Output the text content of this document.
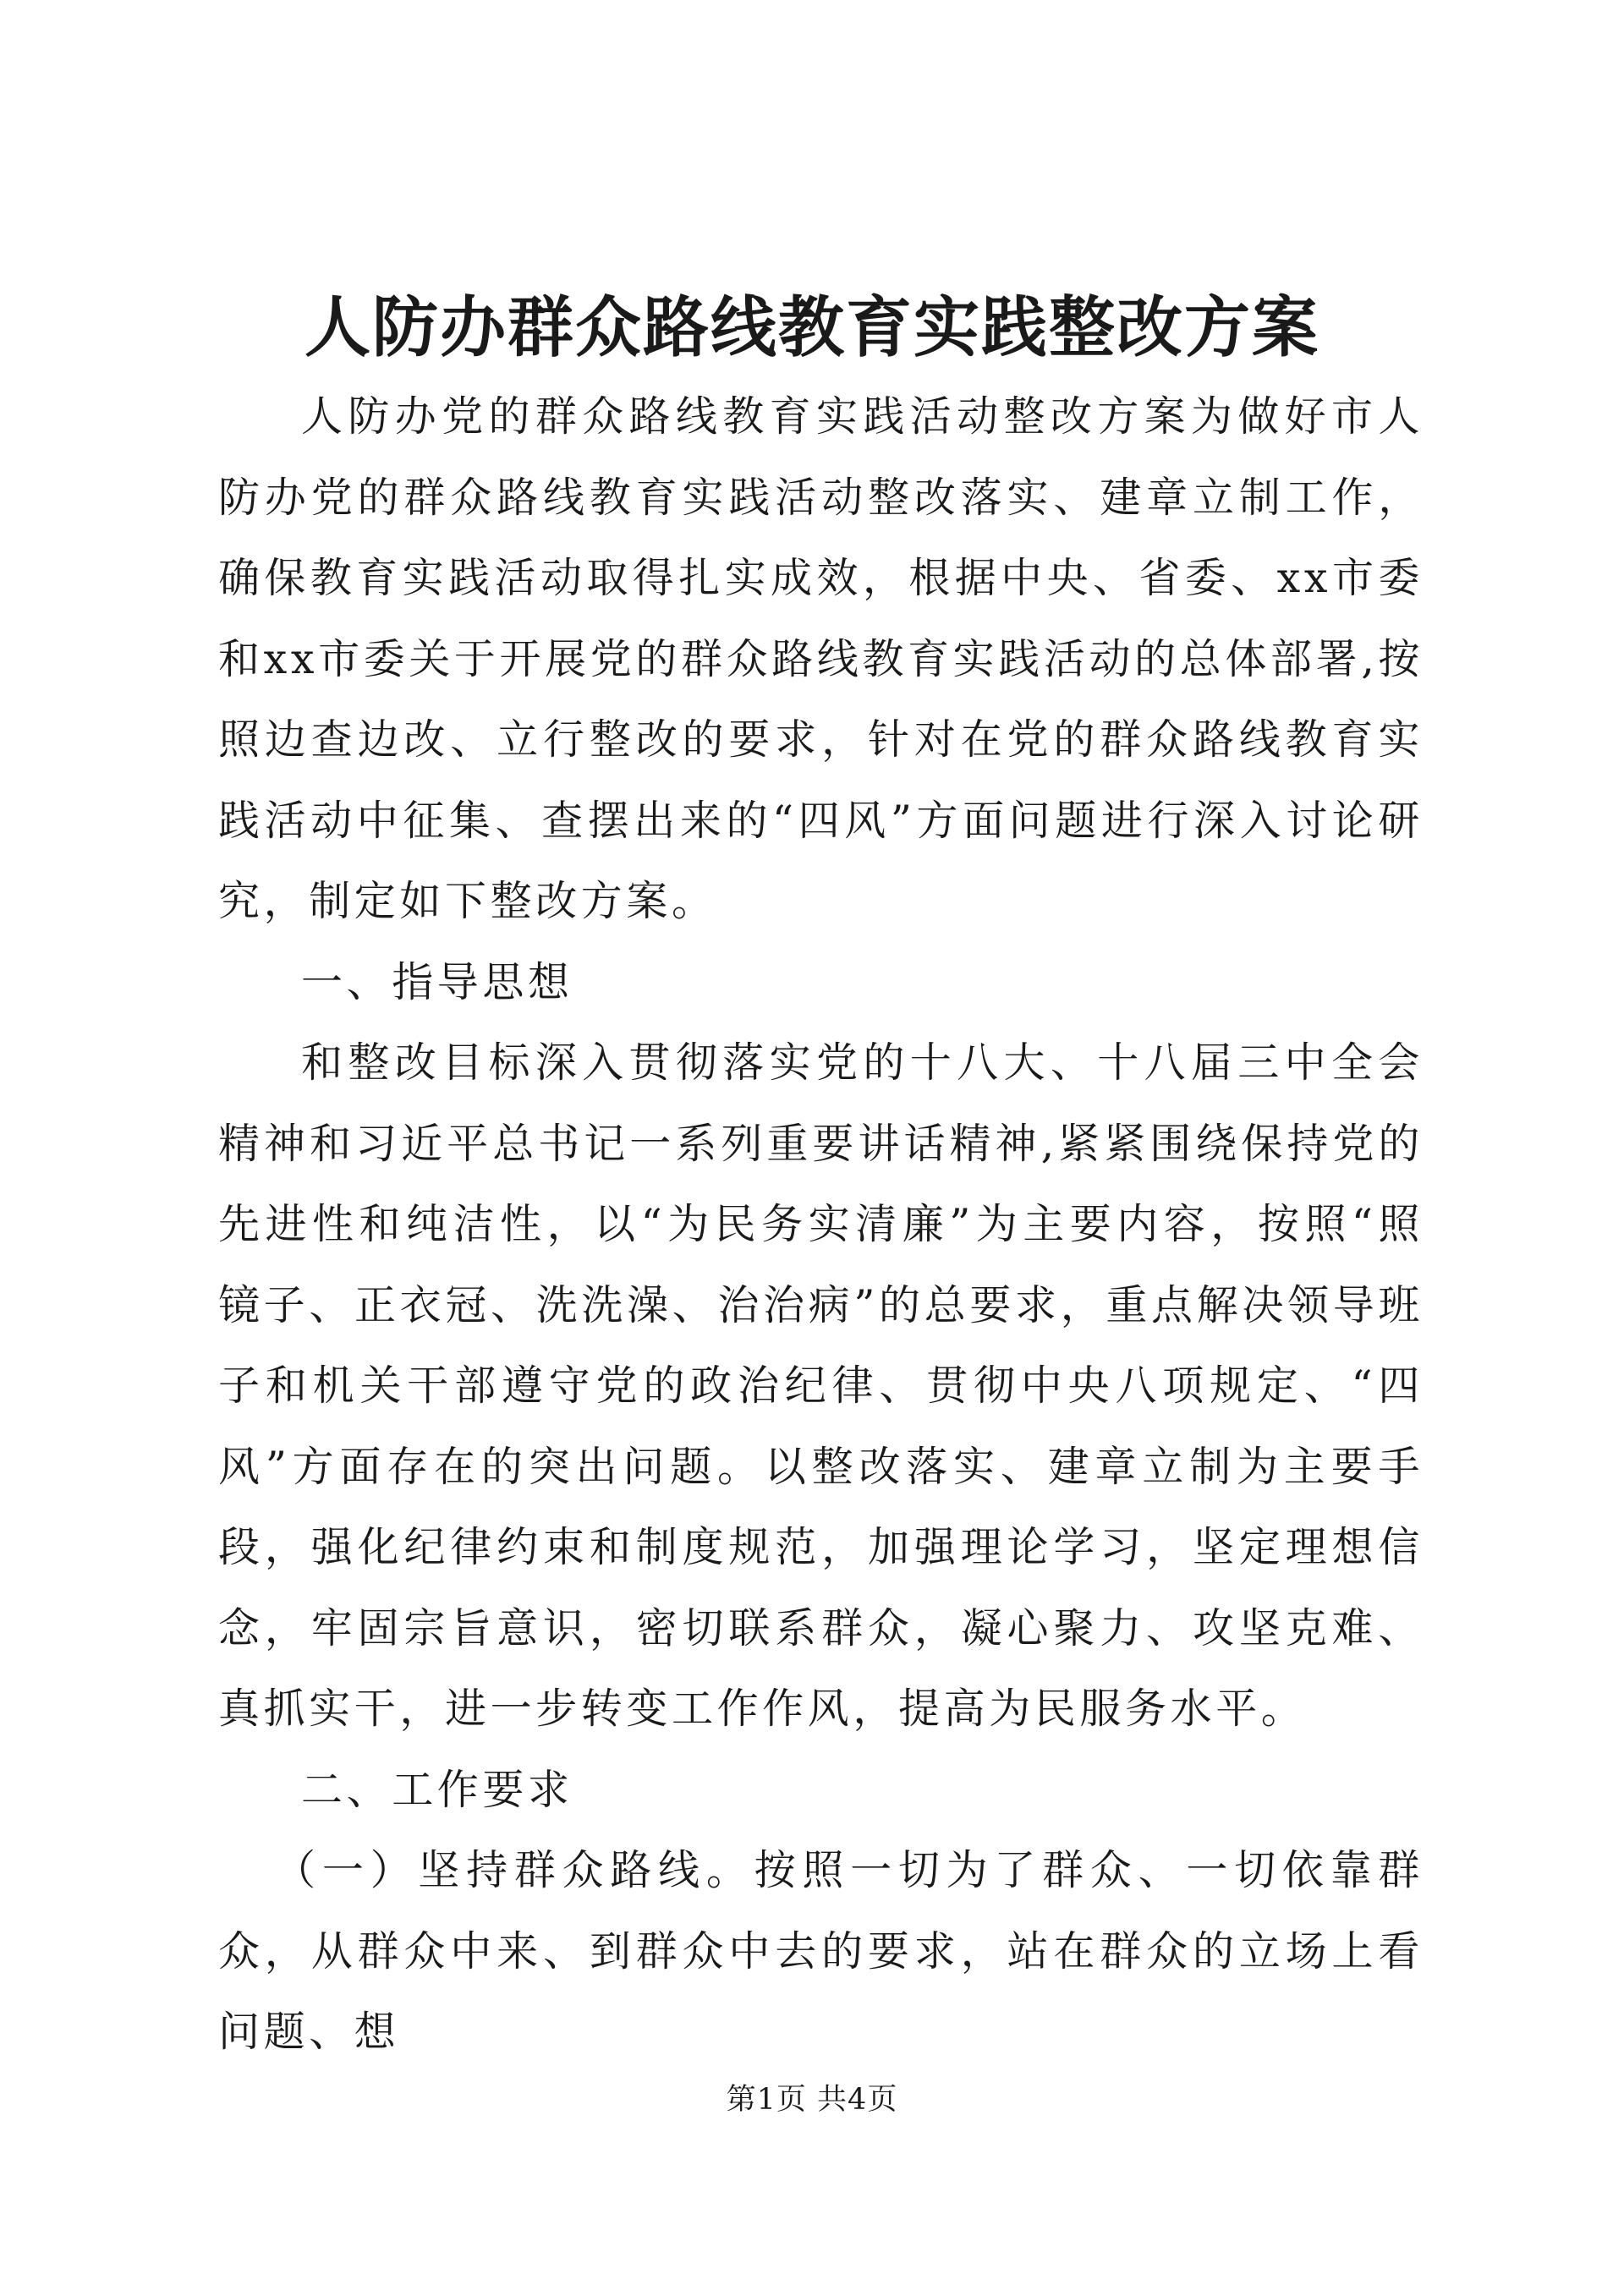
人防办群众路线教育实践整改方案

人防办党的群众路线教育实践活动整改方案为做好市人防办党的群众路线教育实践活动整改落实、建章立制工作，确保教育实践活动取得扎实成效，根据中央、省委、xx市委和xx市委关于开展党的群众路线教育实践活动的总体部署,按照边查边改、立行整改的要求，针对在党的群众路线教育实践活动中征集、查摆出来的“四风”方面问题进行深入讨论研究，制定如下整改方案。

一、指导思想

和整改目标深入贯彻落实党的十八大、十八届三中全会精神和习近平总书记一系列重要讲话精神,紧紧围绕保持党的先进性和纯洁性，以“为民务实清廉”为主要内容，按照“照镜子、正衣冠、洗洗澡、治治病”的总要求，重点解决领导班子和机关干部遵守党的政治纪律、贯彻中央八项规定、“四风”方面存在的突出问题。以整改落实、建章立制为主要手段，强化纪律约束和制度规范，加强理论学习，坚定理想信念，牢固宗旨意识，密切联系群众，凝心聚力、攻坚克难、真抓实干，进一步转变工作作风，提高为民服务水平。

二、工作要求

（一）坚持群众路线。按照一切为了群众、一切依靠群众，从群众中来、到群众中去的要求，站在群众的立场上看问题、想

第1页 共4页
